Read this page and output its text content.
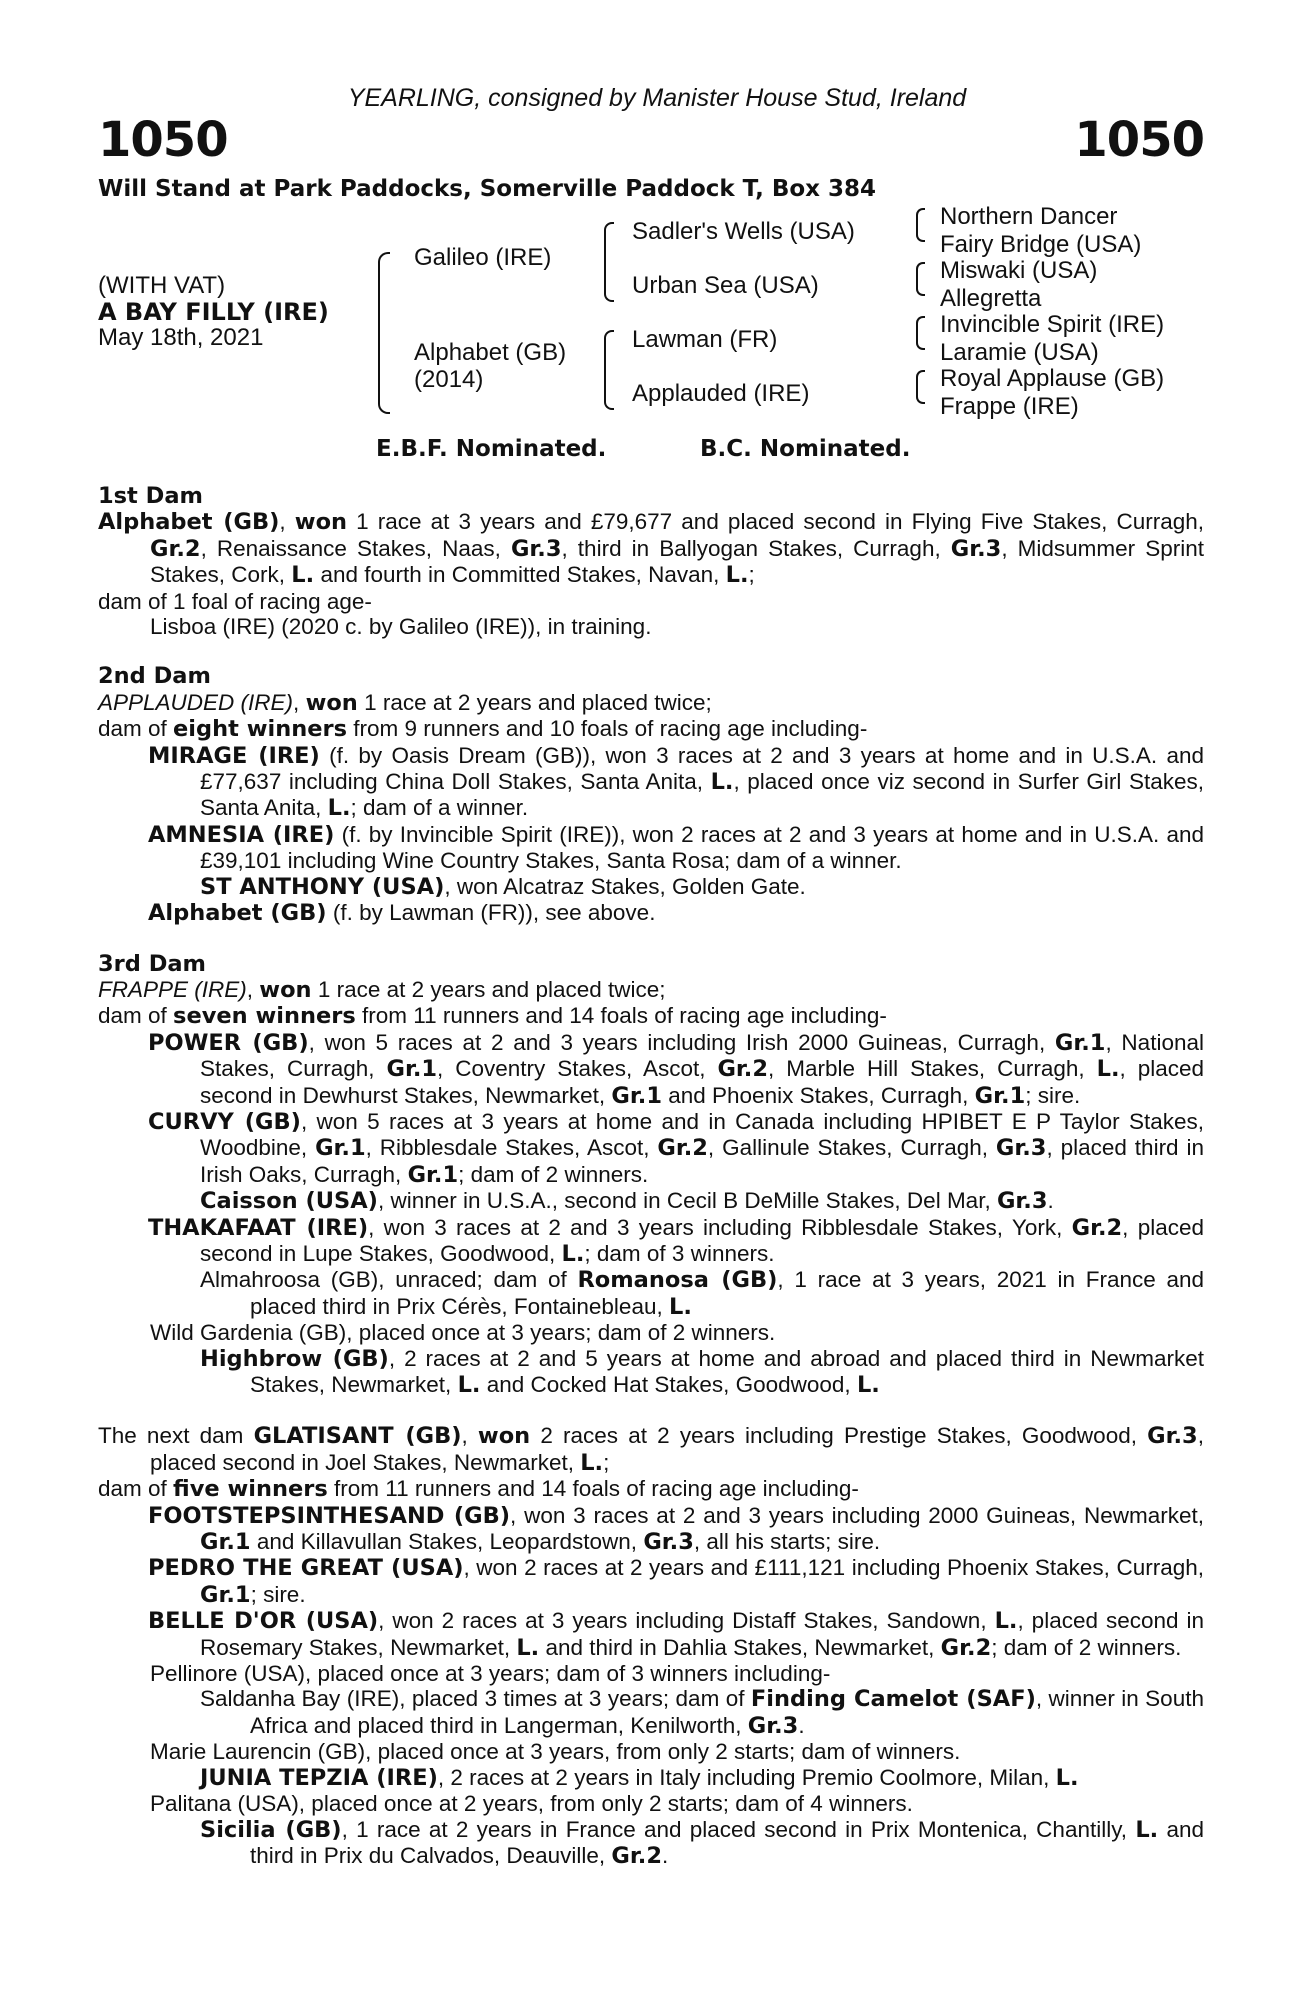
YEARLING, consigned by Manister House Stud, Ireland
1050	1050
Will Stand at Park Paddocks, Somerville Paddock T, Box 384
(WITH VAT)
A BAY FILLY (IRE)
May 18th, 2021
Galileo (IRE)
Alphabet (GB)
(2014)
Sadler's Wells (USA)
Urban Sea (USA)
Lawman (FR)
Applauded (IRE)
Northern Dancer
Fairy Bridge (USA)
Miswaki (USA)
Allegretta
Invincible Spirit (IRE)
Laramie (USA)
Royal Applause (GB)
Frappe (IRE)
E.B.F. Nominated.	B.C. Nominated.

1st Dam

Alphabet (GB), won 1 race at 3 years and £79,677 and placed second in Flying Five Stakes, Curragh, Gr.2, Renaissance Stakes, Naas, Gr.3, third in Ballyogan Stakes, Curragh, Gr.3, Midsummer Sprint Stakes, Cork, L. and fourth in Committed Stakes, Navan, L.;

dam of 1 foal of racing age-

Lisboa (IRE) (2020 c. by Galileo (IRE)), in training.

2nd Dam

APPLAUDED (IRE), won 1 race at 2 years and placed twice;

dam of eight winners from 9 runners and 10 foals of racing age including-

MIRAGE (IRE) (f. by Oasis Dream (GB)), won 3 races at 2 and 3 years at home and in U.S.A. and £77,637 including China Doll Stakes, Santa Anita, L., placed once viz second in Surfer Girl Stakes, Santa Anita, L.; dam of a winner.

AMNESIA (IRE) (f. by Invincible Spirit (IRE)), won 2 races at 2 and 3 years at home and in U.S.A. and £39,101 including Wine Country Stakes, Santa Rosa; dam of a winner.

ST ANTHONY (USA), won Alcatraz Stakes, Golden Gate.

Alphabet (GB) (f. by Lawman (FR)), see above.

3rd Dam

FRAPPE (IRE), won 1 race at 2 years and placed twice;

dam of seven winners from 11 runners and 14 foals of racing age including-

POWER (GB), won 5 races at 2 and 3 years including Irish 2000 Guineas, Curragh, Gr.1, National Stakes, Curragh, Gr.1, Coventry Stakes, Ascot, Gr.2, Marble Hill Stakes, Curragh, L., placed second in Dewhurst Stakes, Newmarket, Gr.1 and Phoenix Stakes, Curragh, Gr.1; sire.

CURVY (GB), won 5 races at 3 years at home and in Canada including HPIBET E P Taylor Stakes, Woodbine, Gr.1, Ribblesdale Stakes, Ascot, Gr.2, Gallinule Stakes, Curragh, Gr.3, placed third in Irish Oaks, Curragh, Gr.1; dam of 2 winners.

Caisson (USA), winner in U.S.A., second in Cecil B DeMille Stakes, Del Mar, Gr.3.

THAKAFAAT (IRE), won 3 races at 2 and 3 years including Ribblesdale Stakes, York, Gr.2, placed second in Lupe Stakes, Goodwood, L.; dam of 3 winners.

Almahroosa (GB), unraced; dam of Romanosa (GB), 1 race at 3 years, 2021 in France and placed third in Prix Cérès, Fontainebleau, L.

Wild Gardenia (GB), placed once at 3 years; dam of 2 winners.

Highbrow (GB), 2 races at 2 and 5 years at home and abroad and placed third in Newmarket Stakes, Newmarket, L. and Cocked Hat Stakes, Goodwood, L.

The next dam GLATISANT (GB), won 2 races at 2 years including Prestige Stakes, Goodwood, Gr.3, placed second in Joel Stakes, Newmarket, L.;

dam of five winners from 11 runners and 14 foals of racing age including-

FOOTSTEPSINTHESAND (GB), won 3 races at 2 and 3 years including 2000 Guineas, Newmarket, Gr.1 and Killavullan Stakes, Leopardstown, Gr.3, all his starts; sire.

PEDRO THE GREAT (USA), won 2 races at 2 years and £111,121 including Phoenix Stakes, Curragh, Gr.1; sire.

BELLE D'OR (USA), won 2 races at 3 years including Distaff Stakes, Sandown, L., placed second in Rosemary Stakes, Newmarket, L. and third in Dahlia Stakes, Newmarket, Gr.2; dam of 2 winners.

Pellinore (USA), placed once at 3 years; dam of 3 winners including-

Saldanha Bay (IRE), placed 3 times at 3 years; dam of Finding Camelot (SAF), winner in South Africa and placed third in Langerman, Kenilworth, Gr.3.

Marie Laurencin (GB), placed once at 3 years, from only 2 starts; dam of winners.

JUNIA TEPZIA (IRE), 2 races at 2 years in Italy including Premio Coolmore, Milan, L.

Palitana (USA), placed once at 2 years, from only 2 starts; dam of 4 winners.

Sicilia (GB), 1 race at 2 years in France and placed second in Prix Montenica, Chantilly, L. and third in Prix du Calvados, Deauville, Gr.2.
